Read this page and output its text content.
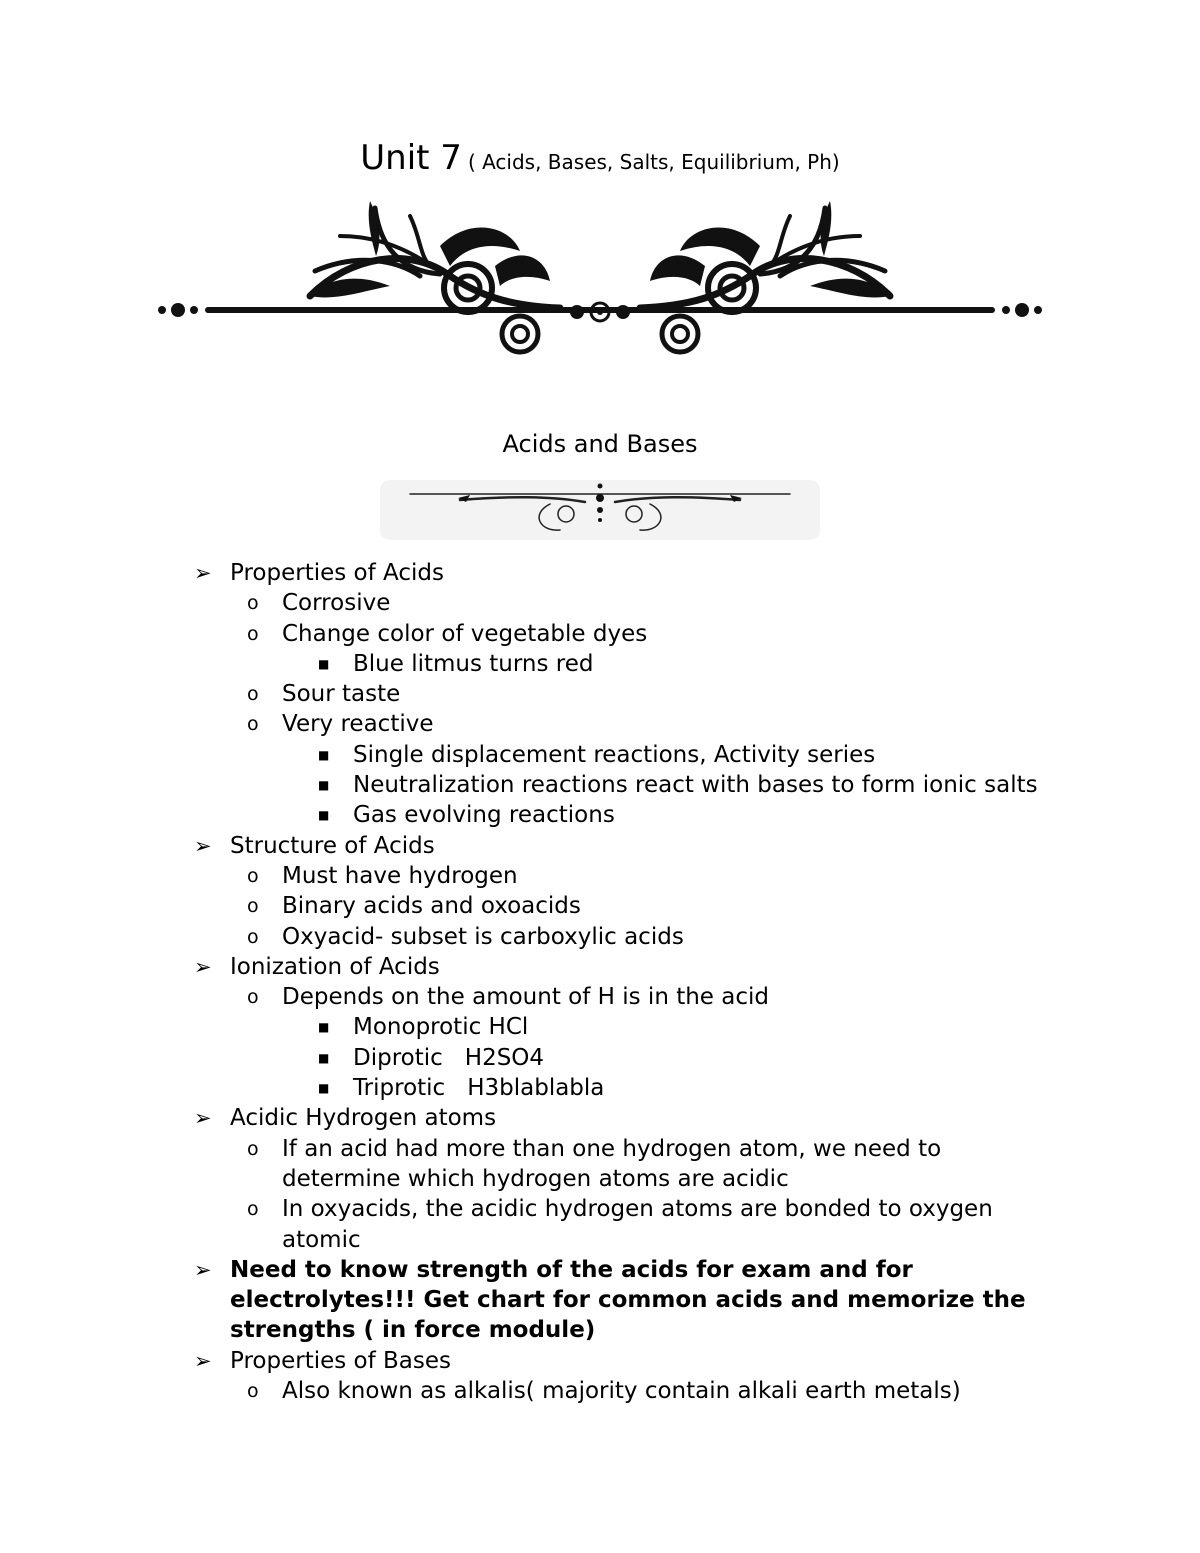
Unit 7 ( Acids, Bases, Salts, Equilibrium, Ph)
Acids and Bases
➢ Properties of Acids
o Corrosive
o Change color of vegetable dyes
■ Blue litmus turns red
o Sour taste
o Very reactive
■ Single displacement reactions, Activity series
■ Neutralization reactions react with bases to form ionic salts
■ Gas evolving reactions
➢ Structure of Acids
o Must have hydrogen
o Binary acids and oxoacids
o Oxyacid- subset is carboxylic acids
➢ Ionization of Acids
o Depends on the amount of H is in the acid
■ Monoprotic HCl
■ Diprotic H2SO4
■ Triprotic H3blablabla
➢ Acidic Hydrogen atoms
o If an acid had more than one hydrogen atom, we need to
determine which hydrogen atoms are acidic
o In oxyacids, the acidic hydrogen atoms are bonded to oxygen
atomic
➢ Need to know strength of the acids for exam and for
electrolytes!!! Get chart for common acids and memorize the
strengths ( in force module)
➢ Properties of Bases
o Also known as alkalis( majority contain alkali earth metals)
